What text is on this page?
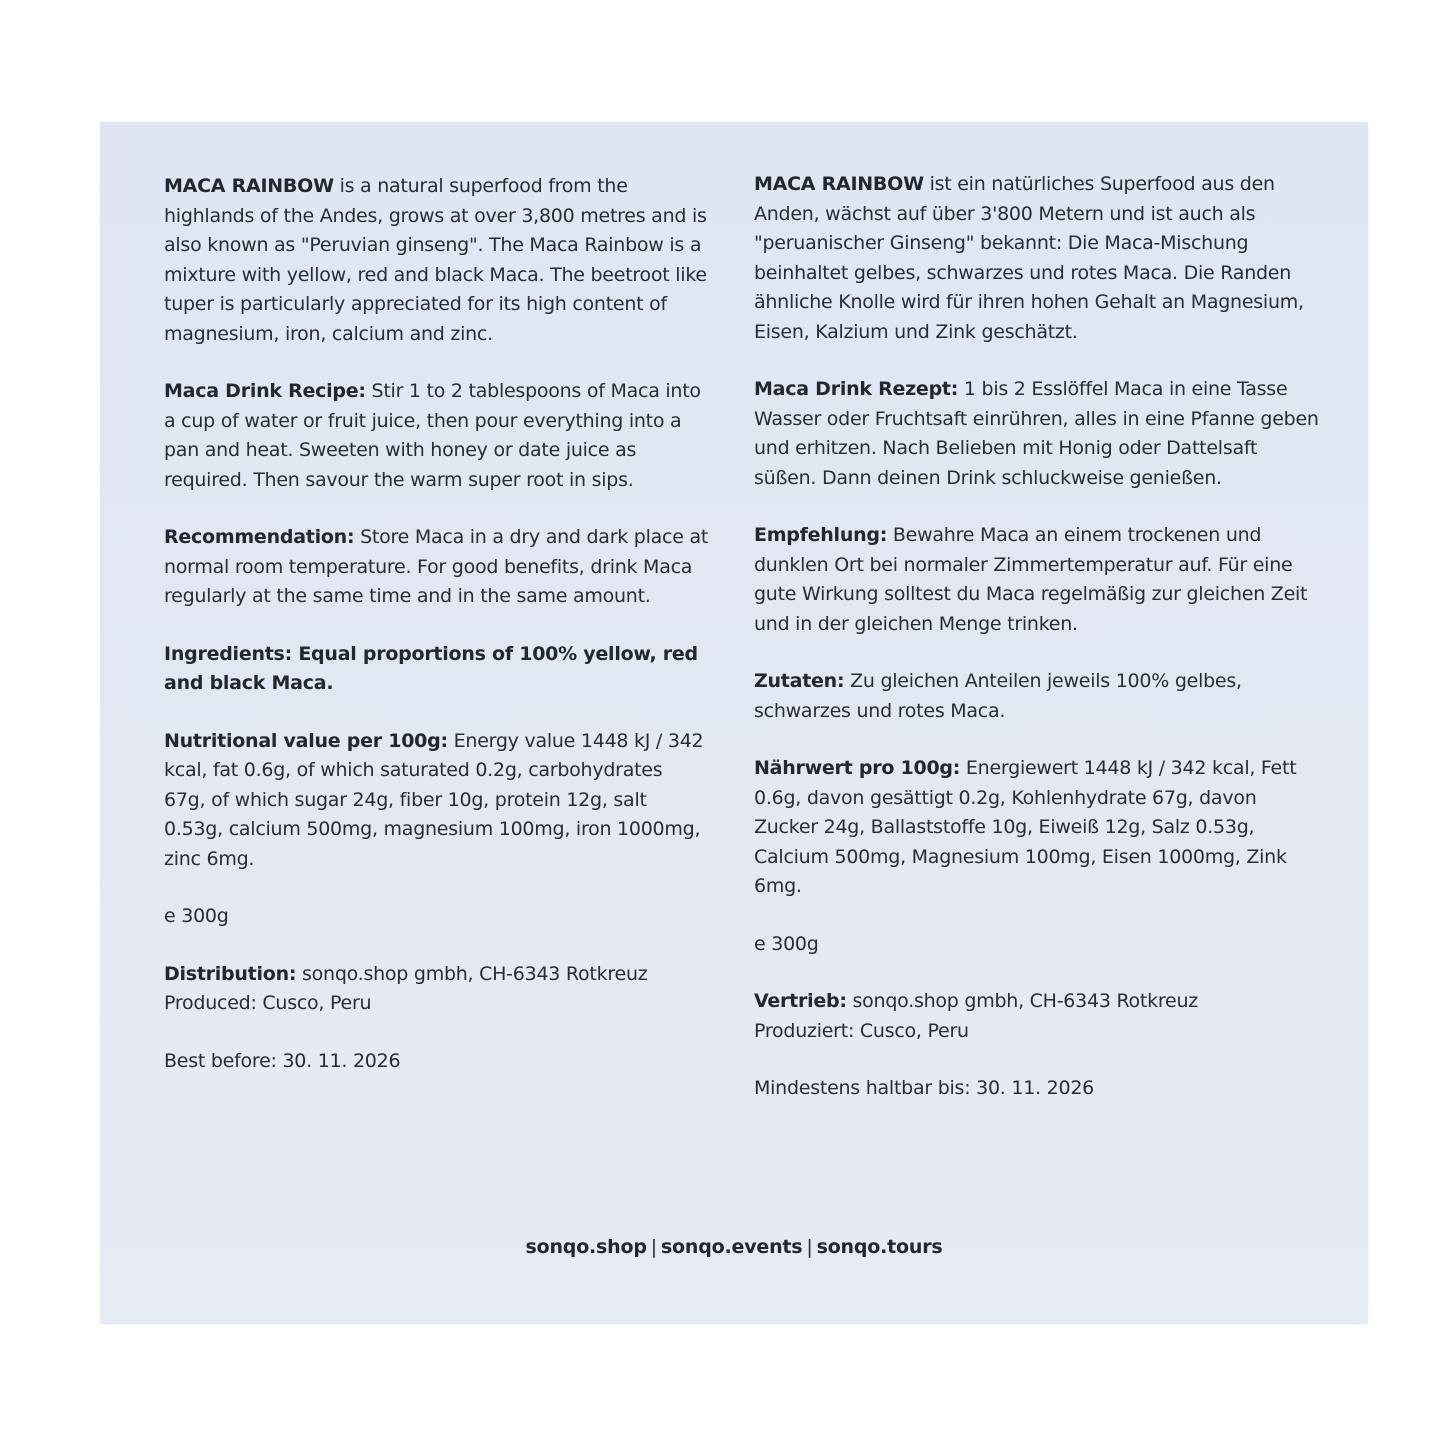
MACA RAINBOW is a natural superfood from the highlands of the Andes, grows at over 3,800 metres and is also known as "Peruvian ginseng". The Maca Rainbow is a mixture with yellow, red and black Maca. The beetroot like tuper is particularly appreciated for its high content of magnesium, iron, calcium and zinc.

Maca Drink Recipe: Stir 1 to 2 tablespoons of Maca into a cup of water or fruit juice, then pour everything into a pan and heat. Sweeten with honey or date juice as required. Then savour the warm super root in sips.

Recommendation: Store Maca in a dry and dark place at normal room temperature. For good benefits, drink Maca regularly at the same time and in the same amount.

Ingredients: Equal proportions of 100% yellow, red and black Maca.

Nutritional value per 100g: Energy value 1448 kJ / 342 kcal, fat 0.6g, of which saturated 0.2g, carbohydrates 67g, of which sugar 24g, fiber 10g, protein 12g, salt 0.53g, calcium 500mg, magnesium 100mg, iron 1000mg, zinc 6mg.

e 300g

Distribution: sonqo.shop gmbh, CH-6343 Rotkreuz

Produced: Cusco, Peru

Best before: 30. 11. 2026

MACA RAINBOW ist ein natürliches Superfood aus den Anden, wächst auf über 3'800 Metern und ist auch als "peruanischer Ginseng" bekannt: Die Maca-Mischung beinhaltet gelbes, schwarzes und rotes Maca. Die Randen ähnliche Knolle wird für ihren hohen Gehalt an Magnesium, Eisen, Kalzium und Zink geschätzt.

Maca Drink Rezept: 1 bis 2 Esslöffel Maca in eine Tasse Wasser oder Fruchtsaft einrühren, alles in eine Pfanne geben und erhitzen. Nach Belieben mit Honig oder Dattelsaft süßen. Dann deinen Drink schluckweise genießen.

Empfehlung: Bewahre Maca an einem trockenen und dunklen Ort bei normaler Zimmertemperatur auf. Für eine gute Wirkung solltest du Maca regelmäßig zur gleichen Zeit und in der gleichen Menge trinken.

Zutaten: Zu gleichen Anteilen jeweils 100% gelbes, schwarzes und rotes Maca.

Nährwert pro 100g: Energiewert 1448 kJ / 342 kcal, Fett 0.6g, davon gesättigt 0.2g, Kohlenhydrate 67g, davon Zucker 24g, Ballaststoffe 10g, Eiweiß 12g, Salz 0.53g, Calcium 500mg, Magnesium 100mg, Eisen 1000mg, Zink 6mg.

e 300g

Vertrieb: sonqo.shop gmbh, CH-6343 Rotkreuz

Produziert: Cusco, Peru

Mindestens haltbar bis: 30. 11. 2026

sonqo.shop | sonqo.events | sonqo.tours
